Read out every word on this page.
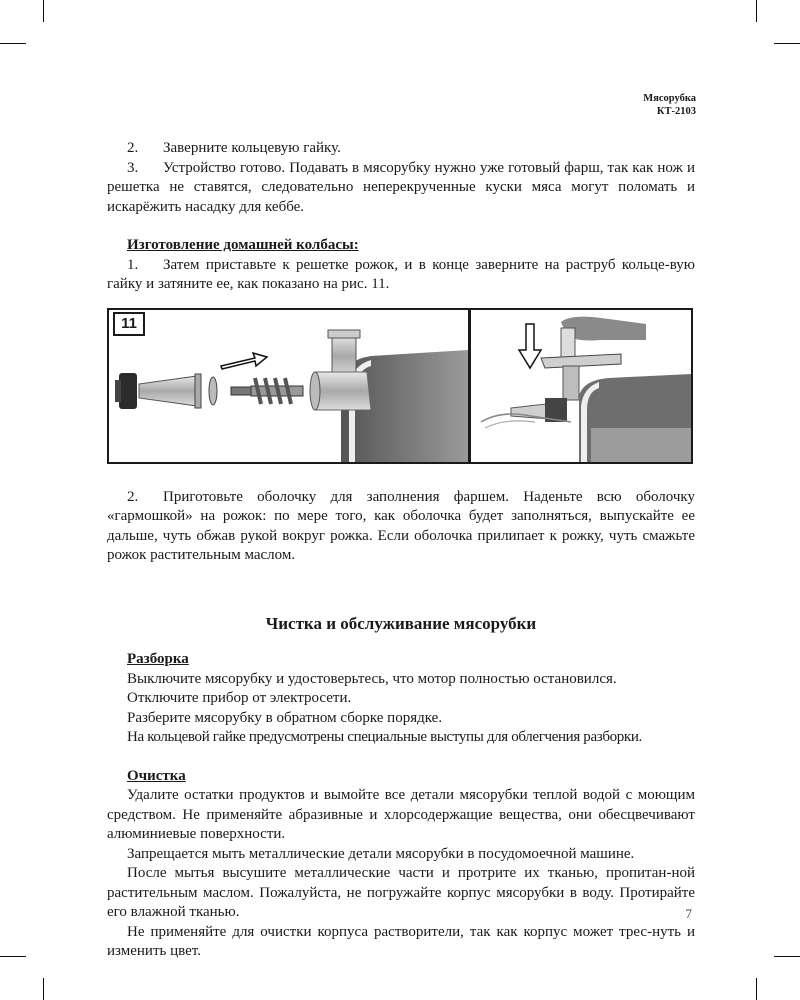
Мясорубка
КТ-2103

2. Заверните кольцевую гайку.

3. Устройство готово. Подавать в мясорубку нужно уже готовый фарш, так как нож и решетка не ставятся, следовательно неперекрученные куски мяса могут поломать и искарёжить насадку для кеббе.

Изготовление домашней колбасы:

1. Затем приставьте к решетке рожок, и в конце заверните на раструб кольце-вую гайку и затяните ее, как показано на рис. 11.

11

2. Приготовьте оболочку для заполнения фаршем. Наденьте всю оболочку «гармошкой» на рожок: по мере того, как оболочка будет заполняться, выпускайте ее дальше, чуть обжав рукой вокруг рожка. Если оболочка прилипает к рожку, чуть смажьте рожок растительным маслом.

Чистка и обслуживание мясорубки

Разборка

Выключите мясорубку и удостоверьтесь, что мотор полностью остановился.

Отключите прибор от электросети.

Разберите мясорубку в обратном сборке порядке.

На кольцевой гайке предусмотрены специальные выступы для облегчения разборки.

Очистка

Удалите остатки продуктов и вымойте все детали мясорубки теплой водой с моющим средством. Не применяйте абразивные и хлорсодержащие вещества, они обесцвечивают алюминиевые поверхности.

Запрещается мыть металлические детали мясорубки в посудомоечной машине.

После мытья высушите металлические части и протрите их тканью, пропитан-ной растительным маслом. Пожалуйста, не погружайте корпус мясорубки в воду. Протирайте его влажной тканью.

Не применяйте для очистки корпуса растворители, так как корпус может трес-нуть и изменить цвет.

7
